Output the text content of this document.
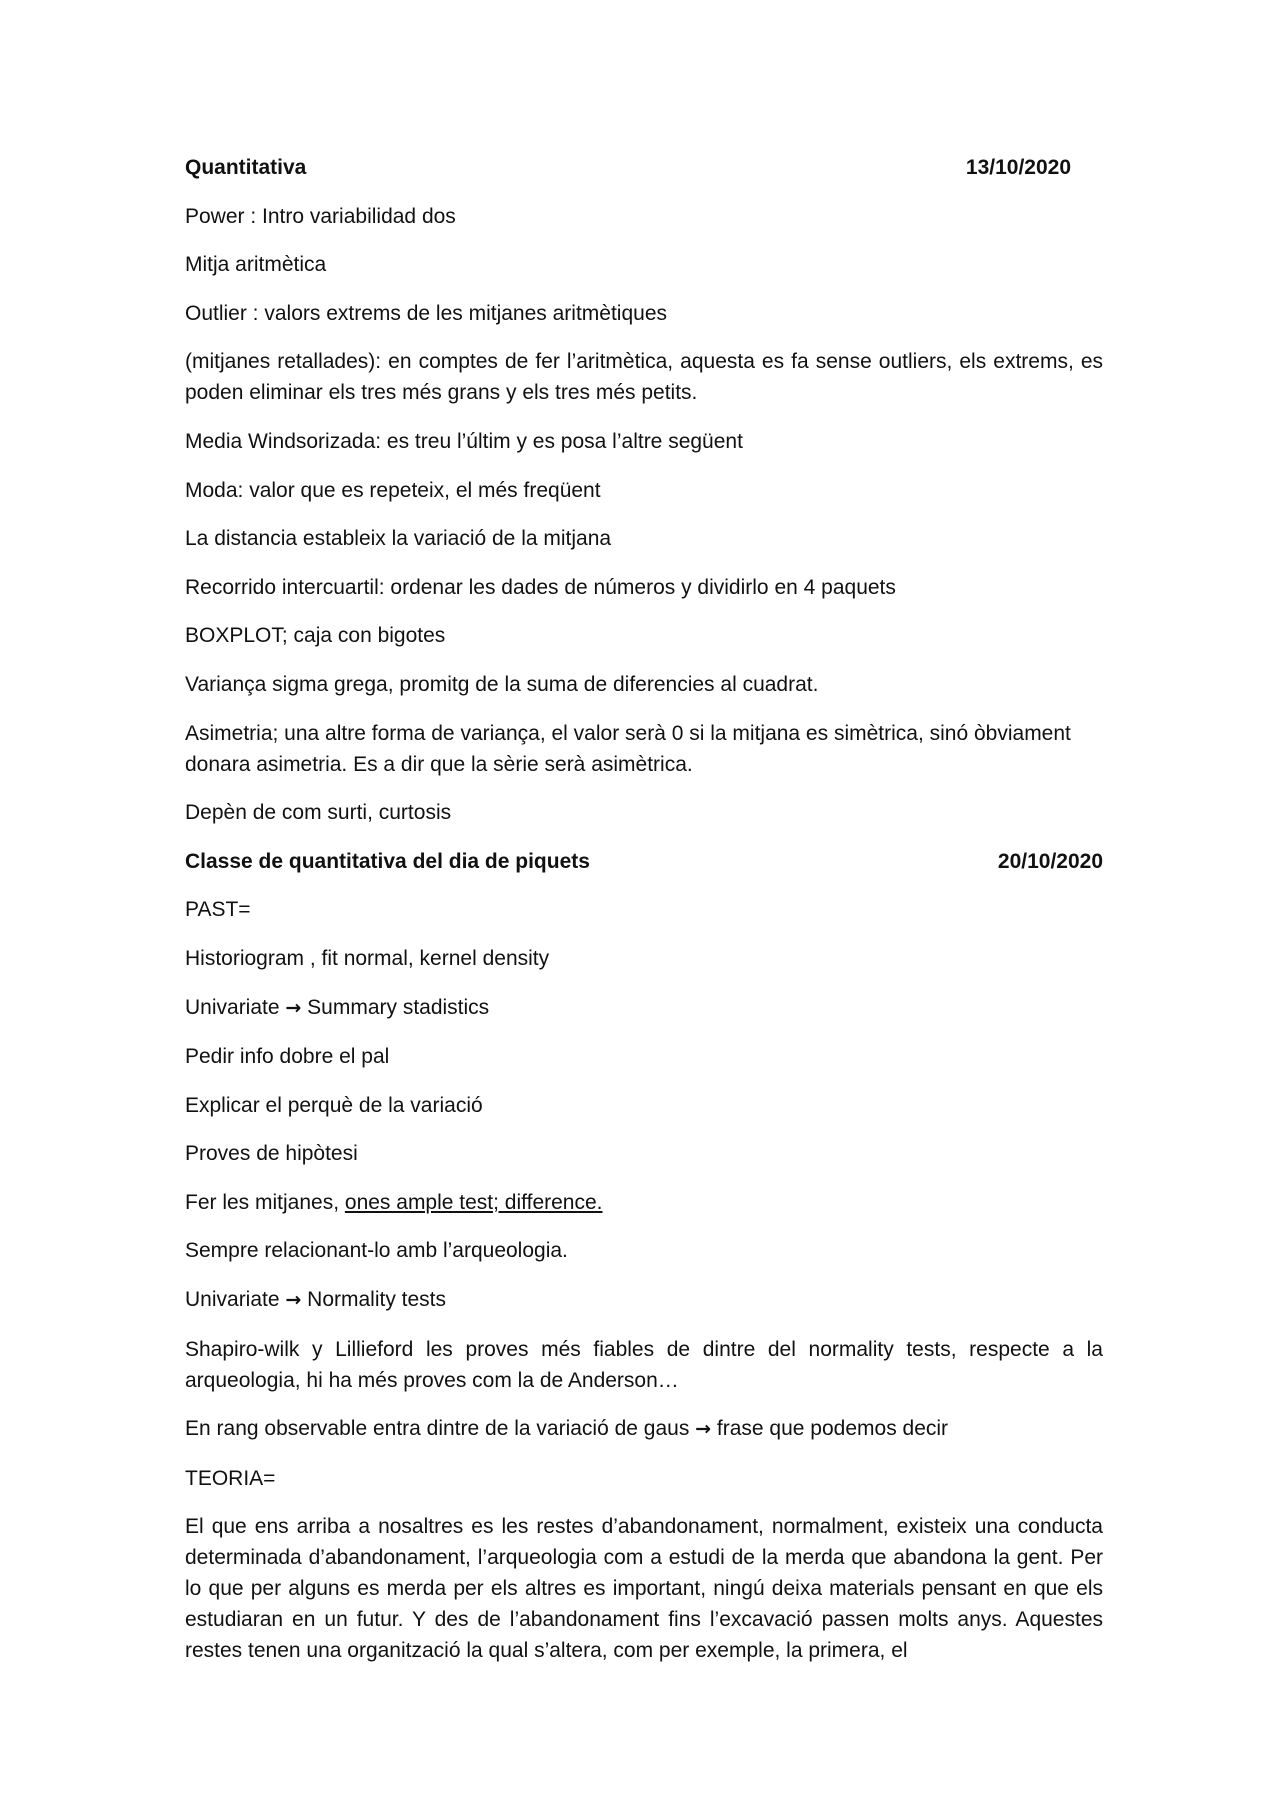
Quantitativa	13/10/2020

Power : Intro variabilidad dos

Mitja aritmètica

Outlier : valors extrems de les mitjanes aritmètiques

(mitjanes retallades): en comptes de fer l’aritmètica, aquesta es fa sense outliers, els extrems, es poden eliminar els tres més grans y els tres més petits.

Media Windsorizada: es treu l’últim y es posa l’altre següent

Moda: valor que es repeteix, el més freqüent

La distancia estableix la variació de la mitjana

Recorrido intercuartil: ordenar les dades de números y dividirlo en 4 paquets

BOXPLOT; caja con bigotes

Variança sigma grega, promitg de la suma de diferencies al cuadrat.

Asimetria; una altre forma de variança, el valor serà 0 si la mitjana es simètrica, sinó òbviament donara asimetria. Es a dir que la sèrie serà asimètrica.

Depèn de com surti, curtosis

Classe de quantitativa del dia de piquets	20/10/2020

PAST=

Historiogram , fit normal, kernel density

Univariate → Summary stadistics

Pedir info dobre el pal

Explicar el perquè de la variació

Proves de hipòtesi

Fer les mitjanes, ones ample test; difference.

Sempre relacionant-lo amb l’arqueologia.

Univariate → Normality tests

Shapiro-wilk y Lillieford les proves més fiables de dintre del normality tests, respecte a la arqueologia, hi ha més proves com la de Anderson…

En rang observable entra dintre de la variació de gaus → frase que podemos decir

TEORIA=

El que ens arriba a nosaltres es les restes d’abandonament, normalment, existeix una conducta determinada d’abandonament, l’arqueologia com a estudi de la merda que abandona la gent. Per lo que per alguns es merda per els altres es important, ningú deixa materials pensant en que els estudiaran en un futur. Y des de l’abandonament fins l’excavació passen molts anys. Aquestes restes tenen una organització la qual s’altera, com per exemple, la primera, el
